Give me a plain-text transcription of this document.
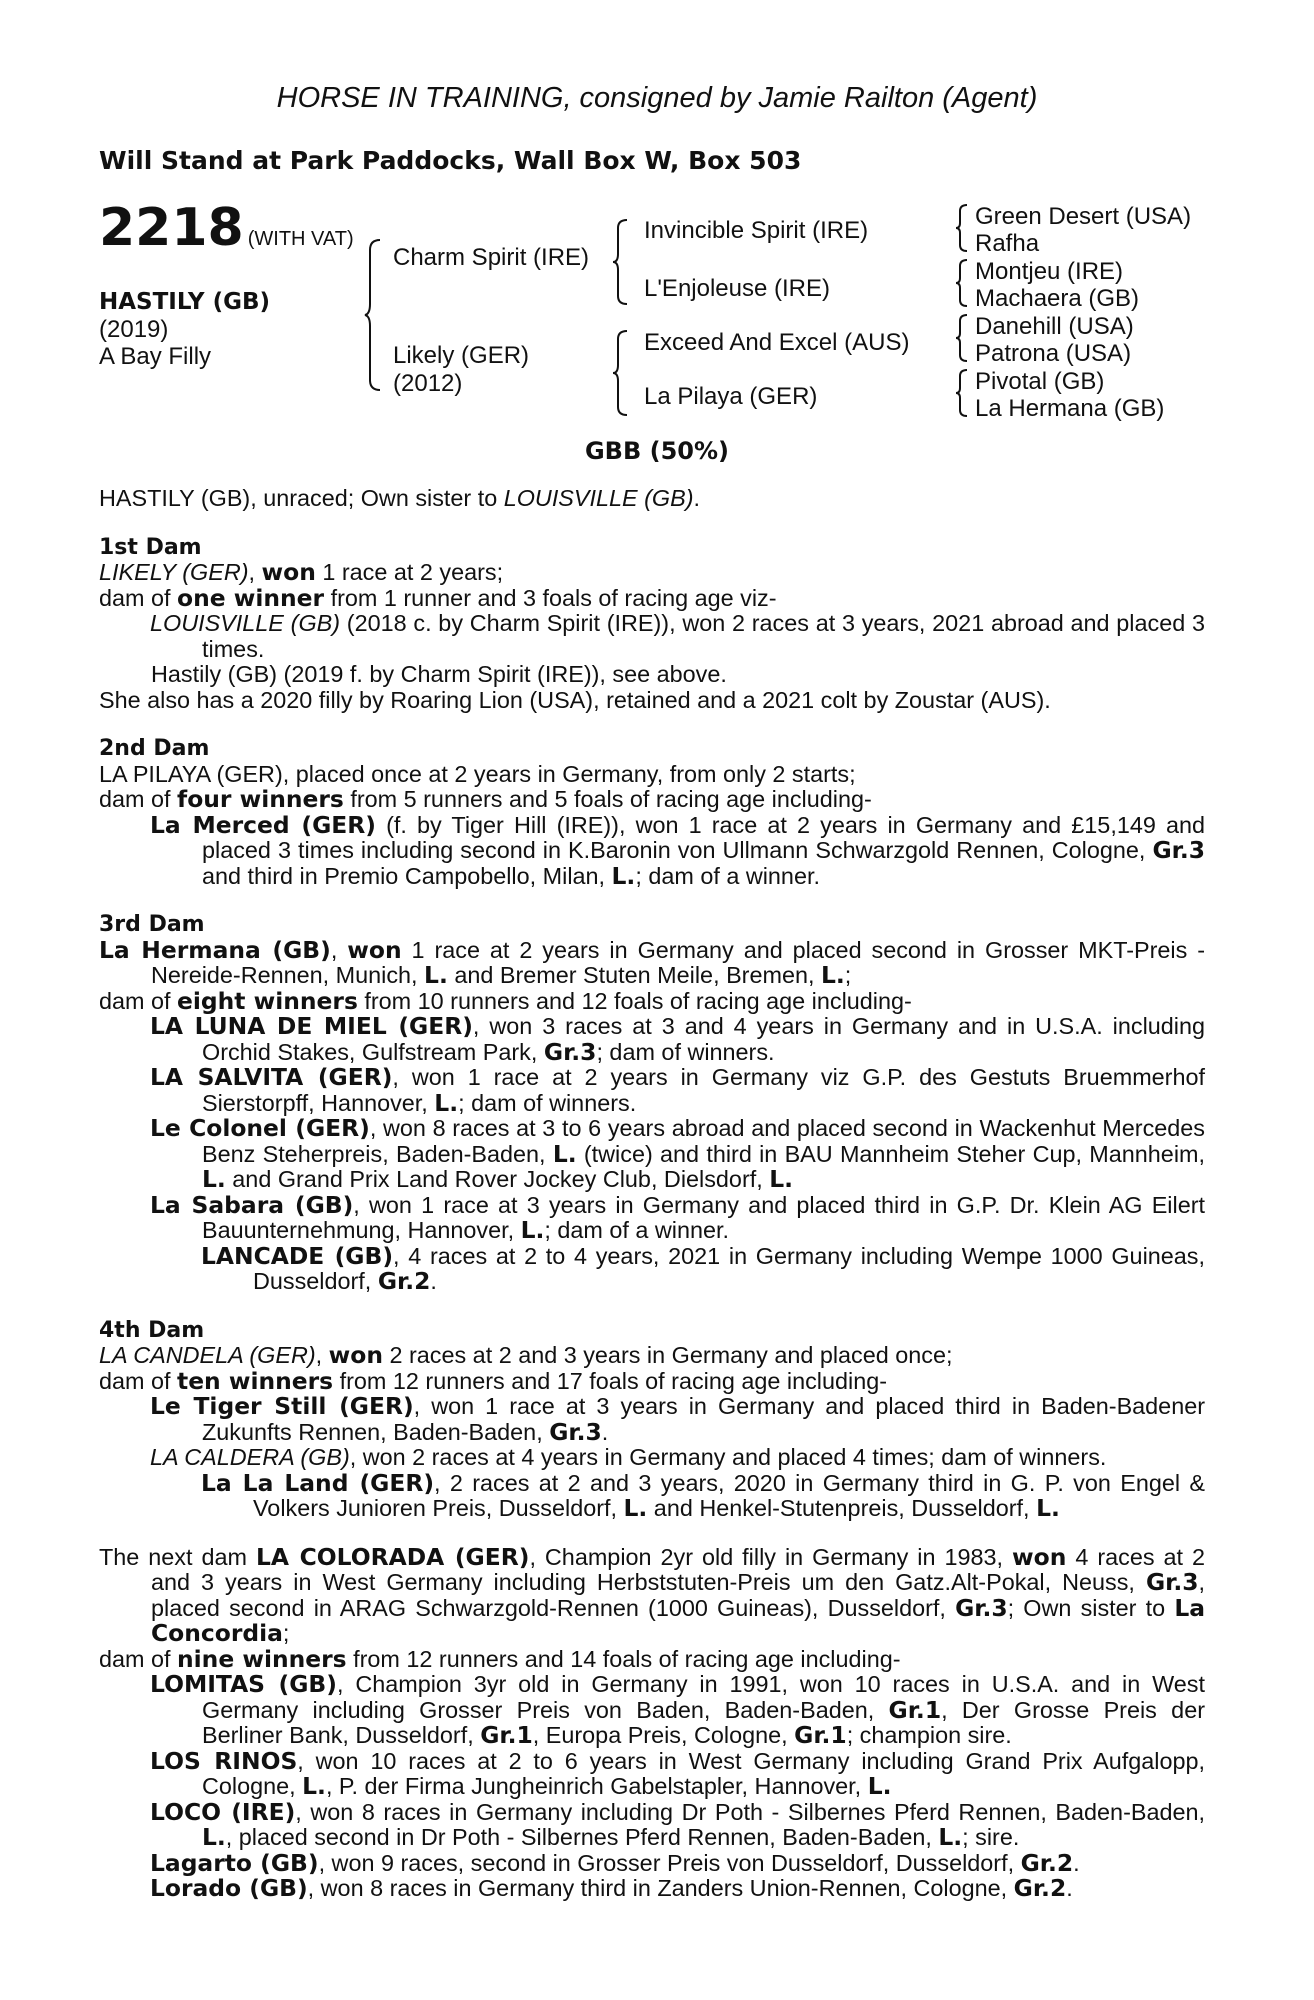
HORSE IN TRAINING, consigned by Jamie Railton (Agent)
Will Stand at Park Paddocks, Wall Box W, Box 503
2218 (WITH VAT)
HASTILY (GB)
(2019)
A Bay Filly
Charm Spirit (IRE)
Likely (GER)
(2012)
Invincible Spirit (IRE)
L'Enjoleuse (IRE)
Exceed And Excel (AUS)
La Pilaya (GER)
Green Desert (USA)
Rafha
Montjeu (IRE)
Machaera (GB)
Danehill (USA)
Patrona (USA)
Pivotal (GB)
La Hermana (GB)
GBB (50%)

HASTILY (GB), unraced; Own sister to LOUISVILLE (GB).

1st Dam

LIKELY (GER), won 1 race at 2 years;

dam of one winner from 1 runner and 3 foals of racing age viz-

LOUISVILLE (GB) (2018 c. by Charm Spirit (IRE)), won 2 races at 3 years, 2021 abroad and placed 3 times.

Hastily (GB) (2019 f. by Charm Spirit (IRE)), see above.

She also has a 2020 filly by Roaring Lion (USA), retained and a 2021 colt by Zoustar (AUS).

2nd Dam

LA PILAYA (GER), placed once at 2 years in Germany, from only 2 starts;

dam of four winners from 5 runners and 5 foals of racing age including-

La Merced (GER) (f. by Tiger Hill (IRE)), won 1 race at 2 years in Germany and £15,149 and placed 3 times including second in K.Baronin von Ullmann Schwarzgold Rennen, Cologne, Gr.3 and third in Premio Campobello, Milan, L.; dam of a winner.

3rd Dam

La Hermana (GB), won 1 race at 2 years in Germany and placed second in Grosser MKT-Preis - Nereide-Rennen, Munich, L. and Bremer Stuten Meile, Bremen, L.;

dam of eight winners from 10 runners and 12 foals of racing age including-

LA LUNA DE MIEL (GER), won 3 races at 3 and 4 years in Germany and in U.S.A. including Orchid Stakes, Gulfstream Park, Gr.3; dam of winners.

LA SALVITA (GER), won 1 race at 2 years in Germany viz G.P. des Gestuts Bruemmerhof Sierstorpff, Hannover, L.; dam of winners.

Le Colonel (GER), won 8 races at 3 to 6 years abroad and placed second in Wackenhut Mercedes Benz Steherpreis, Baden-Baden, L. (twice) and third in BAU Mannheim Steher Cup, Mannheim, L. and Grand Prix Land Rover Jockey Club, Dielsdorf, L.

La Sabara (GB), won 1 race at 3 years in Germany and placed third in G.P. Dr. Klein AG Eilert Bauunternehmung, Hannover, L.; dam of a winner.

LANCADE (GB), 4 races at 2 to 4 years, 2021 in Germany including Wempe 1000 Guineas, Dusseldorf, Gr.2.

4th Dam

LA CANDELA (GER), won 2 races at 2 and 3 years in Germany and placed once;

dam of ten winners from 12 runners and 17 foals of racing age including-

Le Tiger Still (GER), won 1 race at 3 years in Germany and placed third in Baden-Badener Zukunfts Rennen, Baden-Baden, Gr.3.

LA CALDERA (GB), won 2 races at 4 years in Germany and placed 4 times; dam of winners.

La La Land (GER), 2 races at 2 and 3 years, 2020 in Germany third in G. P. von Engel & Volkers Junioren Preis, Dusseldorf, L. and Henkel-Stutenpreis, Dusseldorf, L.

The next dam LA COLORADA (GER), Champion 2yr old filly in Germany in 1983, won 4 races at 2 and 3 years in West Germany including Herbststuten-Preis um den Gatz.Alt-Pokal, Neuss, Gr.3, placed second in ARAG Schwarzgold-Rennen (1000 Guineas), Dusseldorf, Gr.3; Own sister to La Concordia;

dam of nine winners from 12 runners and 14 foals of racing age including-

LOMITAS (GB), Champion 3yr old in Germany in 1991, won 10 races in U.S.A. and in West Germany including Grosser Preis von Baden, Baden-Baden, Gr.1, Der Grosse Preis der Berliner Bank, Dusseldorf, Gr.1, Europa Preis, Cologne, Gr.1; champion sire.

LOS RINOS, won 10 races at 2 to 6 years in West Germany including Grand Prix Aufgalopp, Cologne, L., P. der Firma Jungheinrich Gabelstapler, Hannover, L.

LOCO (IRE), won 8 races in Germany including Dr Poth - Silbernes Pferd Rennen, Baden-Baden, L., placed second in Dr Poth - Silbernes Pferd Rennen, Baden-Baden, L.; sire.

Lagarto (GB), won 9 races, second in Grosser Preis von Dusseldorf, Dusseldorf, Gr.2.

Lorado (GB), won 8 races in Germany third in Zanders Union-Rennen, Cologne, Gr.2.
